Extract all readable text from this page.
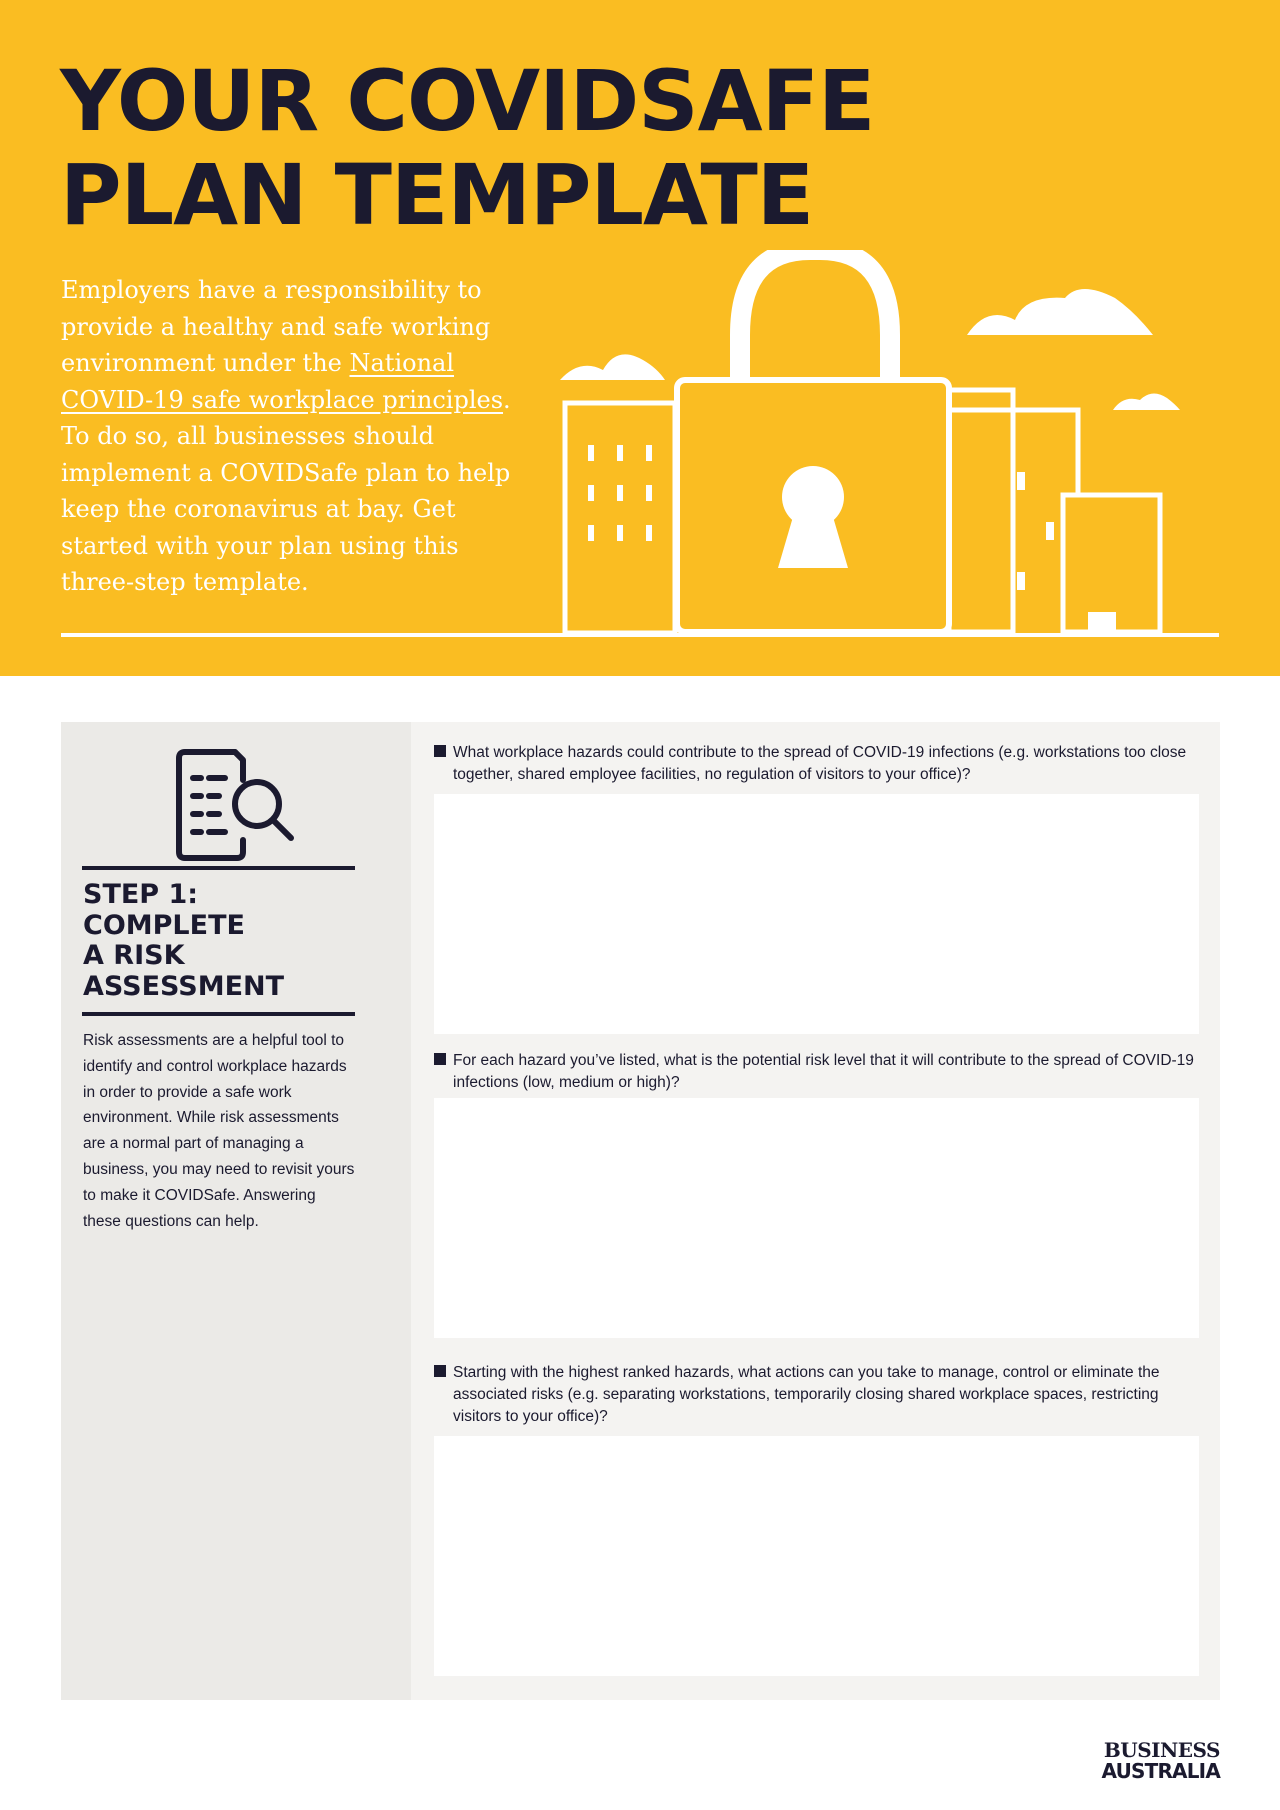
YOUR COVIDSAFE
PLAN TEMPLATE

Employers have a responsibility to provide a healthy and safe working environment under the National COVID-19 safe workplace principles. To do so, all businesses should implement a COVIDSafe plan to help keep the coronavirus at bay. Get started with your plan using this three-step template.

STEP 1:
COMPLETE
A RISK
ASSESSMENT

Risk assessments are a helpful tool to identify and control workplace hazards in order to provide a safe work environment. While risk assessments are a normal part of managing a business, you may need to revisit yours to make it COVIDSafe. Answering these questions can help.

What workplace hazards could contribute to the spread of COVID-19 infections (e.g. workstations too close together, shared employee facilities, no regulation of visitors to your office)?

For each hazard you’ve listed, what is the potential risk level that it will contribute to the spread of COVID-19 infections (low, medium or high)?

Starting with the highest ranked hazards, what actions can you take to manage, control or eliminate the associated risks (e.g. separating workstations, temporarily closing shared workplace spaces, restricting visitors to your office)?

BUSINESS
AUSTRALIA
